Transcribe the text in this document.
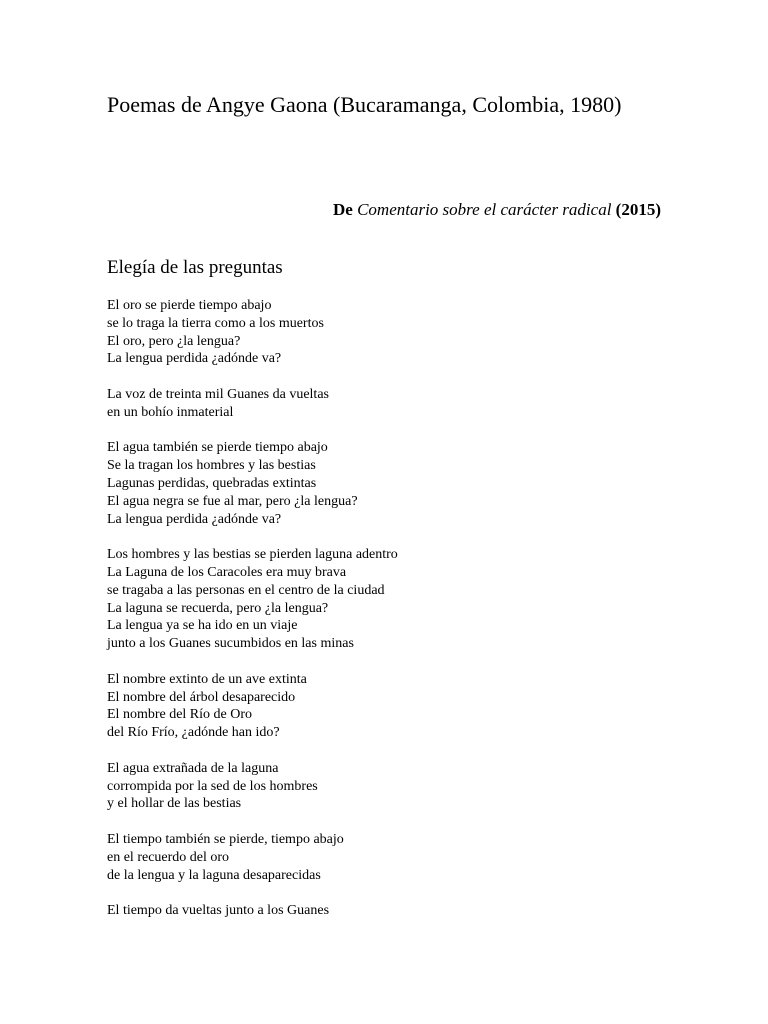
Poemas de Angye Gaona (Bucaramanga, Colombia, 1980)
De Comentario sobre el carácter radical (2015)
Elegía de las preguntas
El oro se pierde tiempo abajo
se lo traga la tierra como a los muertos
El oro, pero ¿la lengua?
La lengua perdida ¿adónde va?
La voz de treinta mil Guanes da vueltas
en un bohío inmaterial
El agua también se pierde tiempo abajo
Se la tragan los hombres y las bestias
Lagunas perdidas, quebradas extintas
El agua negra se fue al mar, pero ¿la lengua?
La lengua perdida ¿adónde va?
Los hombres y las bestias se pierden laguna adentro
La Laguna de los Caracoles era muy brava
se tragaba a las personas en el centro de la ciudad
La laguna se recuerda, pero ¿la lengua?
La lengua ya se ha ido en un viaje
junto a los Guanes sucumbidos en las minas
El nombre extinto de un ave extinta
El nombre del árbol desaparecido
El nombre del Río de Oro
del Río Frío, ¿adónde han ido?
El agua extrañada de la laguna
corrompida por la sed de los hombres
y el hollar de las bestias
El tiempo también se pierde, tiempo abajo
en el recuerdo del oro
de la lengua y la laguna desaparecidas
El tiempo da vueltas junto a los Guanes
